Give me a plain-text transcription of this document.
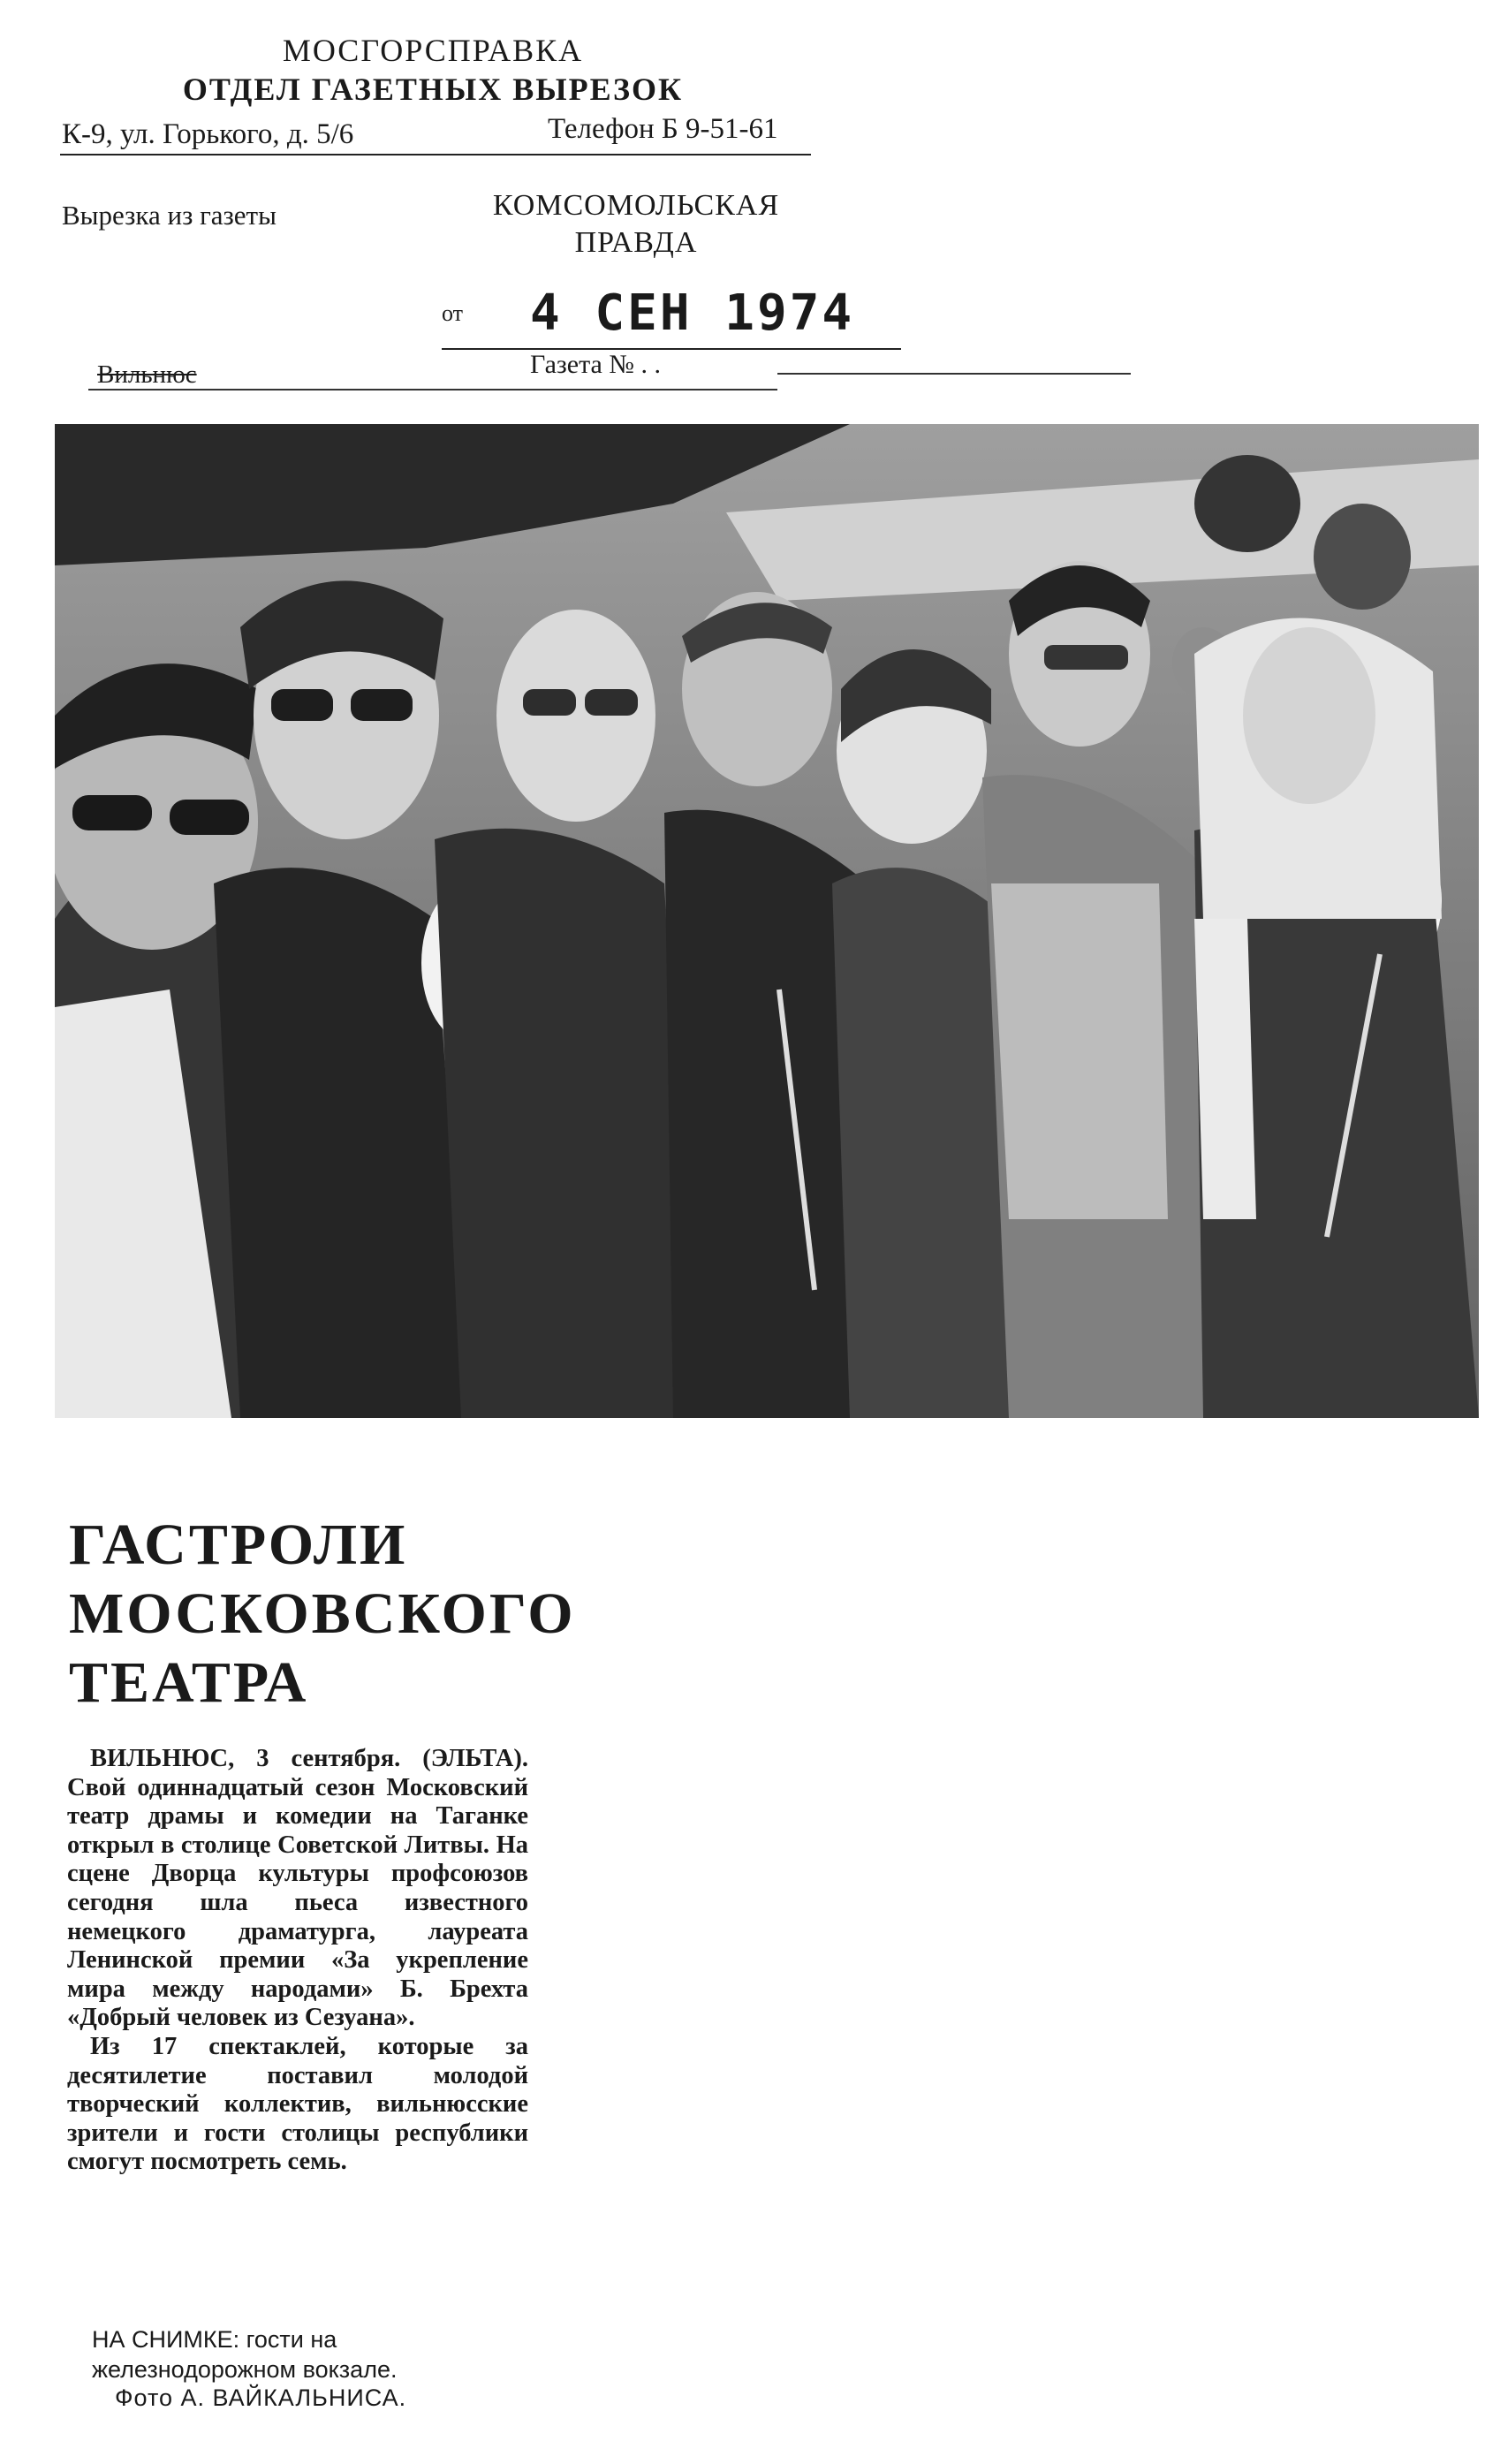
МОСГОРСПРАВКА
ОТДЕЛ ГАЗЕТНЫХ ВЫРЕЗОК
К-9, ул. Горького, д. 5/6	Телефон Б 9-51-61
Вырезка из газеты	КОМСОМОЛЬСКАЯ
ПРАВДА
от 4 СЕН 1974
Вильнюс	Газета № . .
ГАСТРОЛИ
МОСКОВСКОГО
ТЕАТРА

ВИЛЬНЮС, 3 сентября. (ЭЛЬТА). Свой одиннадцатый сезон Московский театр драмы и комедии на Таганке открыл в столице Советской Литвы. На сцене Дворца культуры профсоюзов сегодня шла пьеса известного немецкого драматурга, лауреата Ленинской премии «За укрепление мира между народами» Б. Брехта «Добрый человек из Сезуана».

Из 17 спектаклей, которые за десятилетие поставил молодой творческий коллектив, вильнюсские зрители и гости столицы республики смогут посмотреть семь.

НА СНИМКЕ: гости на железнодорожном вокзале.
Фото А. ВАЙКАЛЬНИСА.
